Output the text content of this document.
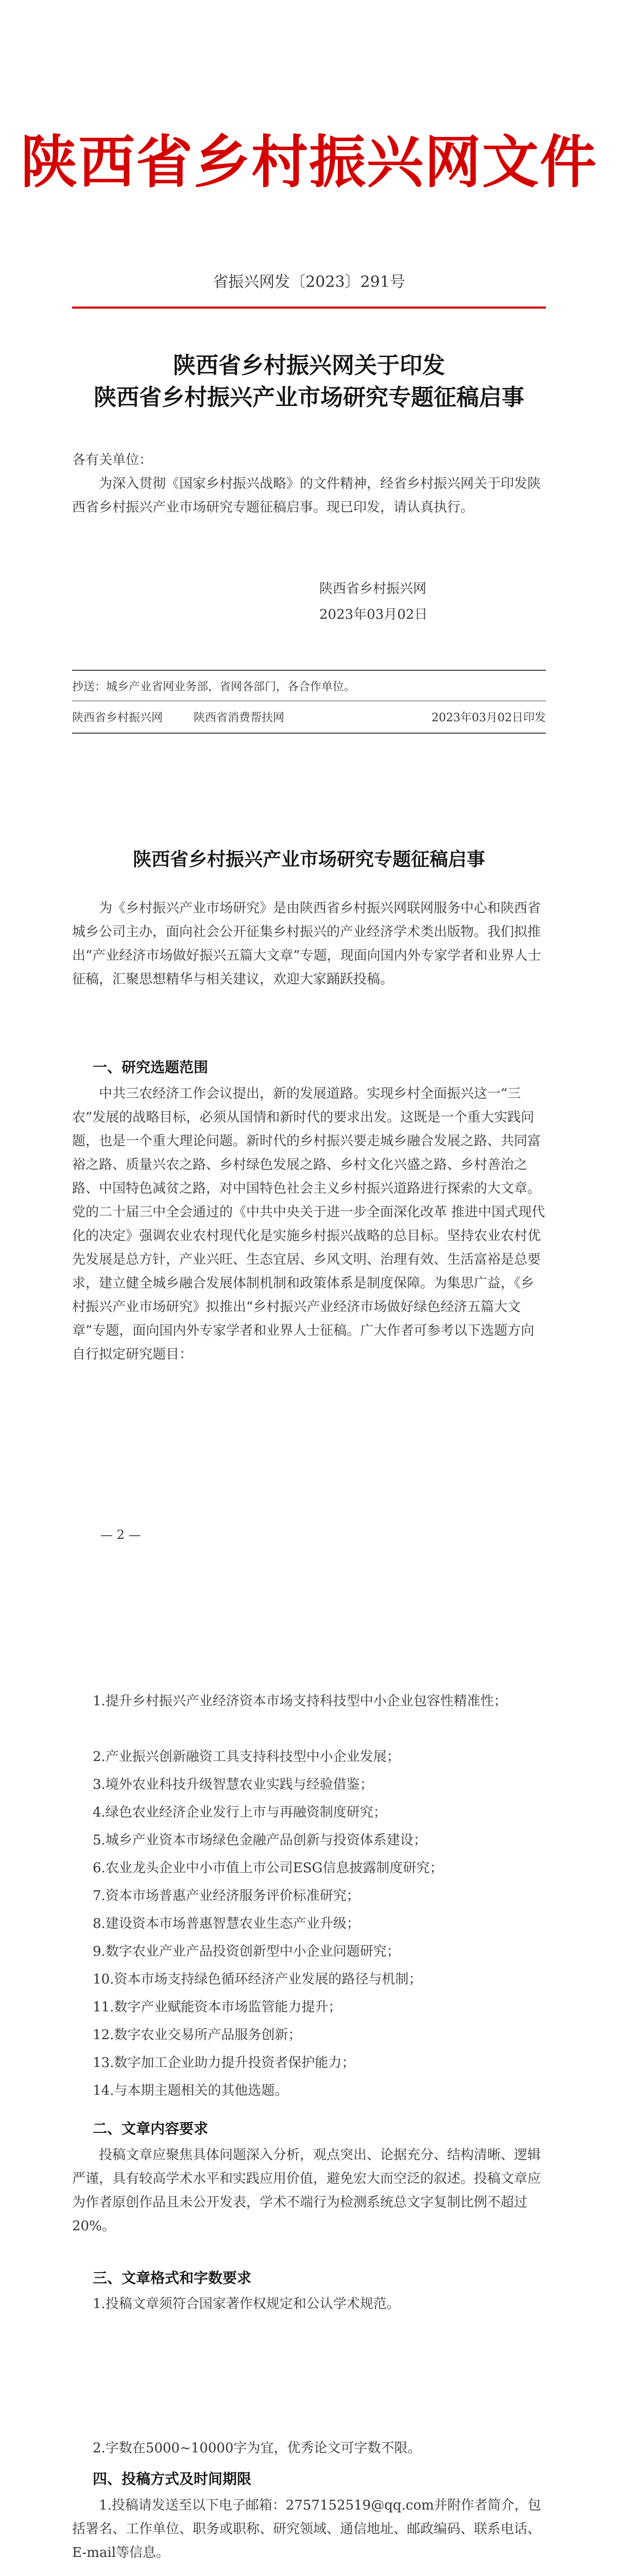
陕西省乡村振兴网文件
省振兴网发〔2023〕291号
陕西省乡村振兴网关于印发
陕西省乡村振兴产业市场研究专题征稿启事
各有关单位：
为深入贯彻《国家乡村振兴战略》的文件精神，经省乡村振兴网关于印发陕西省乡村振兴产业市场研究专题征稿启事。现已印发，请认真执行。
陕西省乡村振兴网
2023年03月02日
抄送：城乡产业省网业务部，省网各部门，各合作单位。
陕西省乡村振兴网	陕西省消费帮扶网	2023年03月02日印发
陕西省乡村振兴产业市场研究专题征稿启事
为《乡村振兴产业市场研究》是由陕西省乡村振兴网联网服务中心和陕西省城乡公司主办，面向社会公开征集乡村振兴的产业经济学术类出版物。我们拟推出“产业经济市场做好振兴五篇大文章”专题，现面向国内外专家学者和业界人士征稿，汇聚思想精华与相关建议，欢迎大家踊跃投稿。
一、研究选题范围
中共三农经济工作会议提出，新的发展道路。实现乡村全面振兴这一“三农”发展的战略目标，必须从国情和新时代的要求出发。这既是一个重大实践问题，也是一个重大理论问题。新时代的乡村振兴要走城乡融合发展之路、共同富裕之路、质量兴农之路、乡村绿色发展之路、乡村文化兴盛之路、乡村善治之路、中国特色减贫之路，对中国特色社会主义乡村振兴道路进行探索的大文章。党的二十届三中全会通过的《中共中央关于进一步全面深化改革 推进中国式现代化的决定》强调农业农村现代化是实施乡村振兴战略的总目标。坚持农业农村优先发展是总方针，产业兴旺、生态宜居、乡风文明、治理有效、生活富裕是总要求，建立健全城乡融合发展体制机制和政策体系是制度保障。为集思广益，《乡村振兴产业市场研究》拟推出“乡村振兴产业经济市场做好绿色经济五篇大文章”专题，面向国内外专家学者和业界人士征稿。广大作者可参考以下选题方向自行拟定研究题目：
— 2 —
1.提升乡村振兴产业经济资本市场支持科技型中小企业包容性精准性；
2.产业振兴创新融资工具支持科技型中小企业发展；
3.境外农业科技升级智慧农业实践与经验借鉴；
4.绿色农业经济企业发行上市与再融资制度研究；
5.城乡产业资本市场绿色金融产品创新与投资体系建设；
6.农业龙头企业中小市值上市公司ESG信息披露制度研究；
7.资本市场普惠产业经济服务评价标准研究；
8.建设资本市场普惠智慧农业生态产业升级；
9.数字农业产业产品投资创新型中小企业问题研究；
10.资本市场支持绿色循环经济产业发展的路径与机制；
11.数字产业赋能资本市场监管能力提升；
12.数字农业交易所产品服务创新；
13.数字加工企业助力提升投资者保护能力；
14.与本期主题相关的其他选题。
二、文章内容要求
投稿文章应聚焦具体问题深入分析，观点突出、论据充分、结构清晰、逻辑严谨，具有较高学术水平和实践应用价值，避免宏大而空泛的叙述。投稿文章应为作者原创作品且未公开发表，学术不端行为检测系统总文字复制比例不超过20%。
三、文章格式和字数要求
1.投稿文章须符合国家著作权规定和公认学术规范。
2.字数在5000~10000字为宜，优秀论文可字数不限。
四、投稿方式及时间期限
1.投稿请发送至以下电子邮箱：2757152519@qq.com并附作者简介，包括署名、工作单位、职务或职称、研究领域、通信地址、邮政编码、联系电话、E-mail等信息。
